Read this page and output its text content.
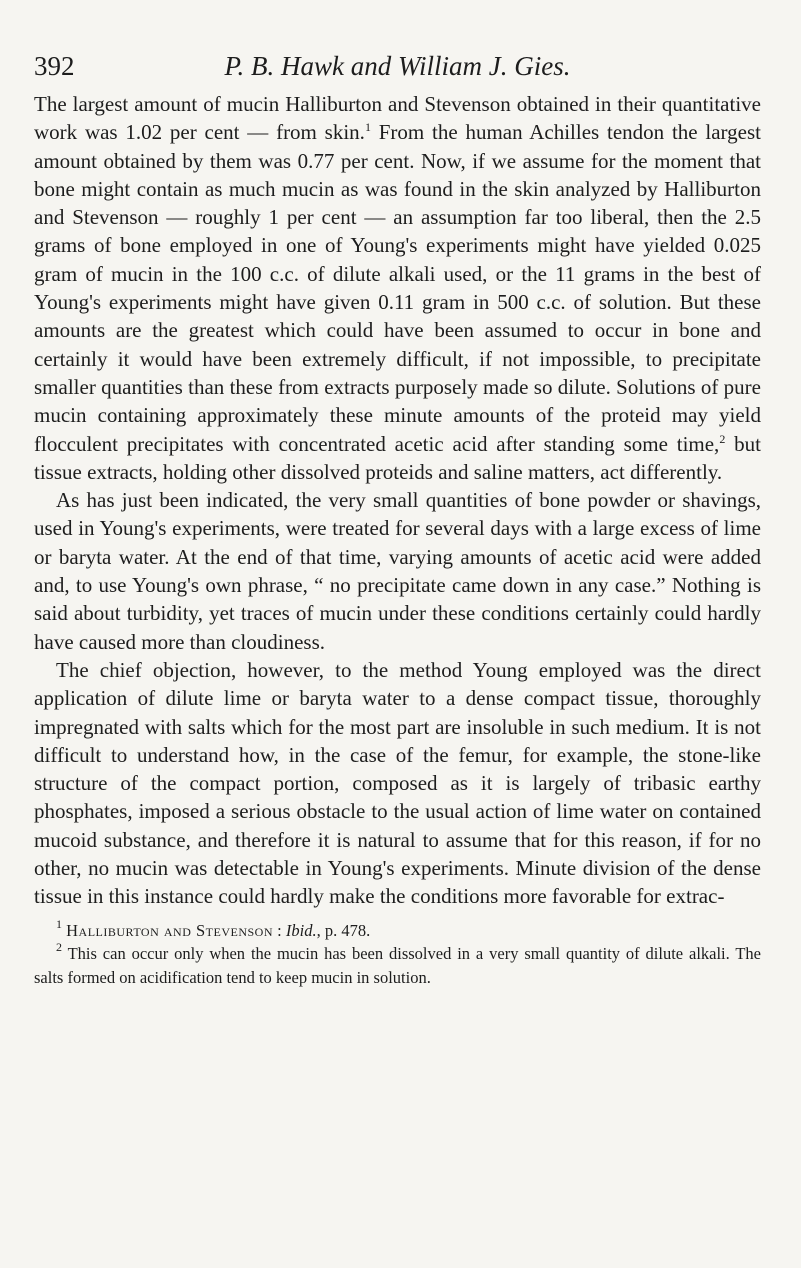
392	P. B. Hawk and William J. Gies.

The largest amount of mucin Halliburton and Stevenson obtained in their quantitative work was 1.02 per cent — from skin.$^1$ From the human Achilles tendon the largest amount obtained by them was 0.77 per cent. Now, if we assume for the moment that bone might contain as much mucin as was found in the skin analyzed by Halliburton and Stevenson — roughly 1 per cent — an assumption far too liberal, then the 2.5 grams of bone employed in one of Young's experiments might have yielded 0.025 gram of mucin in the 100 c.c. of dilute alkali used, or the 11 grams in the best of Young's experiments might have given 0.11 gram in 500 c.c. of solution. But these amounts are the greatest which could have been assumed to occur in bone and certainly it would have been extremely difficult, if not impossible, to precipitate smaller quantities than these from extracts purposely made so dilute. Solutions of pure mucin containing approximately these minute amounts of the proteid may yield flocculent precipitates with concentrated acetic acid after standing some time,$^2$ but tissue extracts, holding other dissolved proteids and saline matters, act differently.

As has just been indicated, the very small quantities of bone powder or shavings, used in Young's experiments, were treated for several days with a large excess of lime or baryta water. At the end of that time, varying amounts of acetic acid were added and, to use Young's own phrase, “ no precipitate came down in any case.” Nothing is said about turbidity, yet traces of mucin under these conditions certainly could hardly have caused more than cloudiness.

The chief objection, however, to the method Young employed was the direct application of dilute lime or baryta water to a dense compact tissue, thoroughly impregnated with salts which for the most part are insoluble in such medium. It is not difficult to understand how, in the case of the femur, for example, the stone-like structure of the compact portion, composed as it is largely of tribasic earthy phosphates, imposed a serious obstacle to the usual action of lime water on contained mucoid substance, and therefore it is natural to assume that for this reason, if for no other, no mucin was detectable in Young's experiments. Minute division of the dense tissue in this instance could hardly make the conditions more favorable for extrac-

$^1$ Halliburton and Stevenson : Ibid., p. 478.

$^2$ This can occur only when the mucin has been dissolved in a very small quantity of dilute alkali. The salts formed on acidification tend to keep mucin in solution.
